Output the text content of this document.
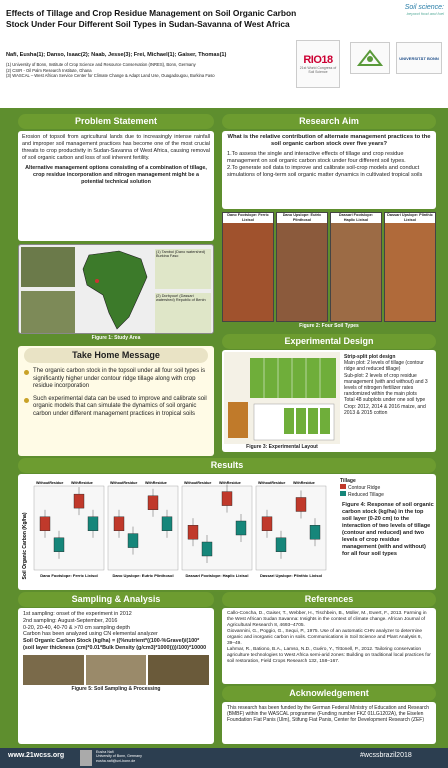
Effects of Tillage and Crop Residue Management on Soil Organic Carbon Stock Under Four Different Soil Types in Sudan-Savanna of West Africa
Nafi, Eusha(1); Danso, Isaac(2); Naab, Jesse(3); Frei, Michael(1); Gaiser, Thomas(1)
(1) University of Bonn, Institute of Crop Science and Resource Conservation (INRES), Bonn, Germany
(2) CSIR - Oil Palm Research Institute, Ghana
(3) WASCAL – West African Service Center for Climate Change & Adapt Land Use, Ouagadougou, Burkina Faso
RIO18
21st World Congress of Soil Science
Soil science:
beyond food and fuel
UNIVERSITÄT BONN
Problem Statement
Erosion of topsoil from agricultural lands due to increasingly intense rainfall and improper soil management practices has become one of the most crucial threats to crop productivity in Sudan-Savanna of West Africa, causing removal of soil organic carbon and loss of soil inherent fertility.
Alternative management options consisting of a combination of tillage, crop residue incorporation and nitrogen management might be a potential technical solution
(1) Tamboi (Dano watershed) Burkina Faso
(2) Dorbyour! (Dassari watershed) Republic of Benin
Figure 1: Study Area
Research Aim
What is the relative contribution of alternate management practices to the soil organic carbon stock over five years?
1.To assess the single and interactive effects of tillage and crop residue management on soil organic carbon stock under four different soil types.
2.To generate soil data to improve and calibrate soil-crop models and conduct simulations of long-term soil organic matter dynamics in cultivated tropical soils
Dano Footslope: Ferric Lixisol
Dano Upslope: Eutric Plinthosol
Dassari Footslope: Haplic Lixisol
Dassari Upslope: Plinthic Lixisol
Figure 2: Four Soil Types
Take Home Message
The organic carbon stock in the topsoil under all four soil types is significantly higher under contour ridge tillage along with crop residue incorporation
Such experimental data can be used to improve and calibrate soil organic models that can simulate the dynamics of soil organic carbon under different management practices in tropical soils
Experimental Design
Strip-split plot design
Main plot: 2 levels of tillage (contour ridge and reduced tillage)
Sub-plot: 2 levels of crop residue management (with and without) and 3 levels of nitrogen fertilizer rates randomized within the main plots
Total 48 subplots under one soil type
Crop: 2012, 2014 & 2016 maize, and 2013 & 2015 cotton
Figure 3: Experimental Layout
Results
Soil Organic Carbon (Kg/ha)
WithoutResidue WithResidue
Dano Footslope: Ferric Lixisol
WithoutResidue WithResidue
Dano Upslope: Eutric Plinthosol
WithoutResidue WithResidue
Dassari Footslope: Haplic Lixisol
WithoutResidue WithResidue
Dassari Upslope: Plinthic Lixisol
Tillage
Contour Ridge
Reduced Tillage
Figure 4: Response of soil organic carbon stock (kg/ha) in the top soil layer (0-20 cm) to the interaction of two levels of tillage (contour and reduced) and two levels of crop residue management (with and without) for all four soil types
Sampling & Analysis
1st sampling: onset of the experiment in 2012
2nd sampling: August-September, 2016
0-20, 20-40, 40-70 & >70 cm sampling depth
Carbon has been analyzed using CN elemental analyzer
Soil Organic Carbon Stock (kg/ha) = ((%nutrient*((100-%Gravel)/(100*(soil layer thickness (cm)*0.01*Bulk Density (g/cm3)*1000))))/100)*10000
Figure 5: Soil Sampling & Processing
References
Callo-Concha, D., Gaiser, T., Webber, H., Tischbein, B., Müller, M., Ewert, F., 2013. Farming in the West African Sudan Savanna: Insights in the context of climate change. African Journal of Agricultural Research 8, 4693–4705.
Giovannini, G., Poggio, G., Sequi, P., 1975. Use of an automatic CHN analyzer to determine organic and inorganic carbon in soils. Communications in Soil Science and Plant Analysis 6, 39–49.
Lahmar, R., Bationo, B.A., Lamso, N.D., Guéro, Y., Tittonell, P., 2012. Tailoring conservation agriculture technologies to West Africa semi-arid zones: Building on traditional local practices for soil restoration, Field Crops Research 132, 158–167.
Acknowledgement
This research has been funded by the German Federal Ministry of Education and Research (BMBF) within the WASCAL programme (Funding number FKZ 01LG1202A), the Eiselen Foundation Fiat Panis (Ulm), Stifung Fiat Panis, Center for Development Research (ZEF)
www.21wcss.org	Eusha Nafi
University of Bonn, Germany
eusha.nafi@uni-bonn.de
#wcssbrazil2018
